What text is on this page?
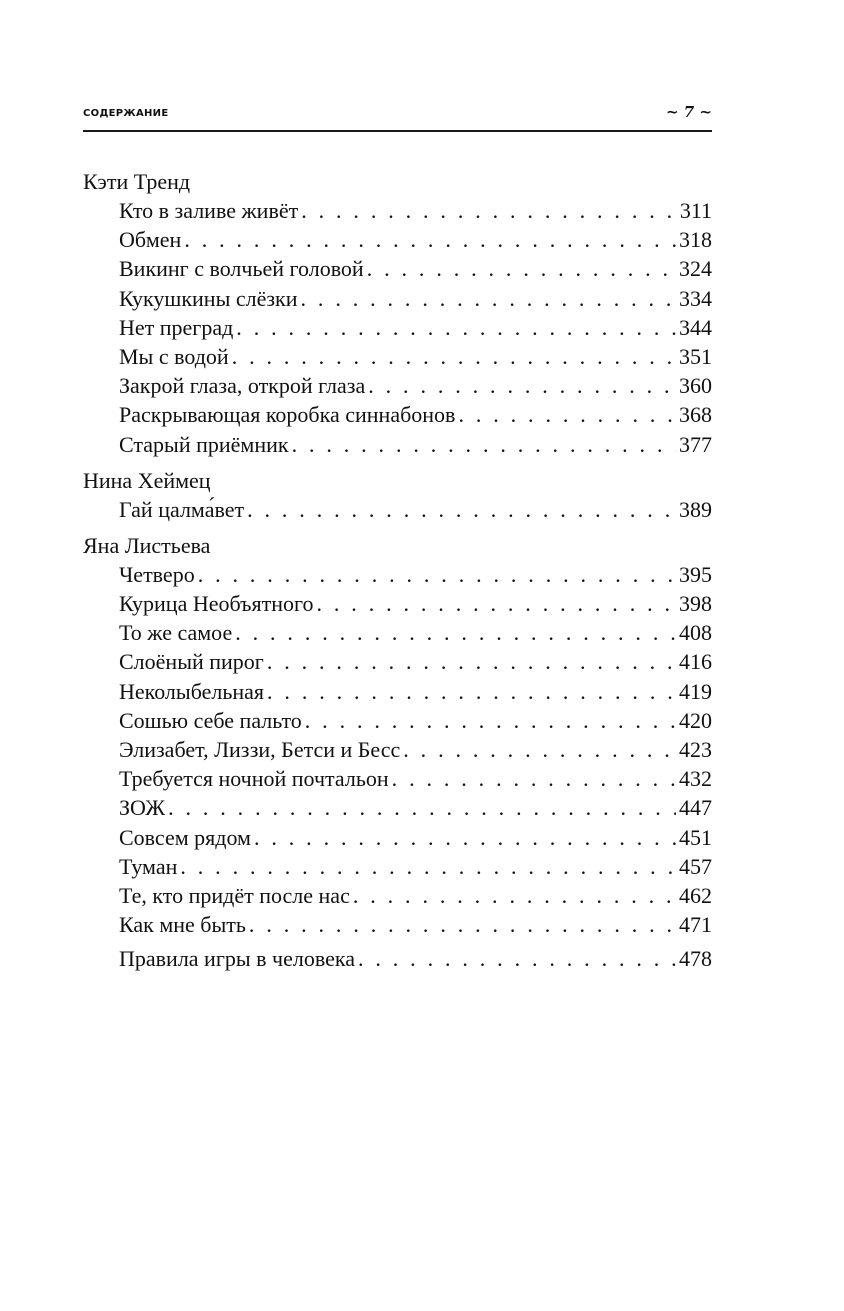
СОДЕРЖАНИЕ	~ 7 ~
Кэти Тренд
Кто в заливе живёт . . .	311
Обмен . . .	318
Викинг с волчьей головой . . .	324
Кукушкины слёзки . . .	334
Нет преград . . .	344
Мы с водой . . .	351
Закрой глаза, открой глаза . . .	360
Раскрывающая коробка синнабонов . . .	368
Старый приёмник . . .	377
Нина Хеймец
Гай цалма́вет . . .	389
Яна Листьева
Четверо . . .	395
Курица Необъятного . . .	398
То же самое . . .	408
Слоёный пирог . . .	416
Неколыбельная . . .	419
Сошью себе пальто . . .	420
Элизабет, Лиззи, Бетси и Бесс . . .	423
Требуется ночной почтальон . . .	432
ЗОЖ . . .	447
Совсем рядом . . .	451
Туман . . .	457
Те, кто придёт после нас . . .	462
Как мне быть . . .	471
Правила игры в человека . . .	478
